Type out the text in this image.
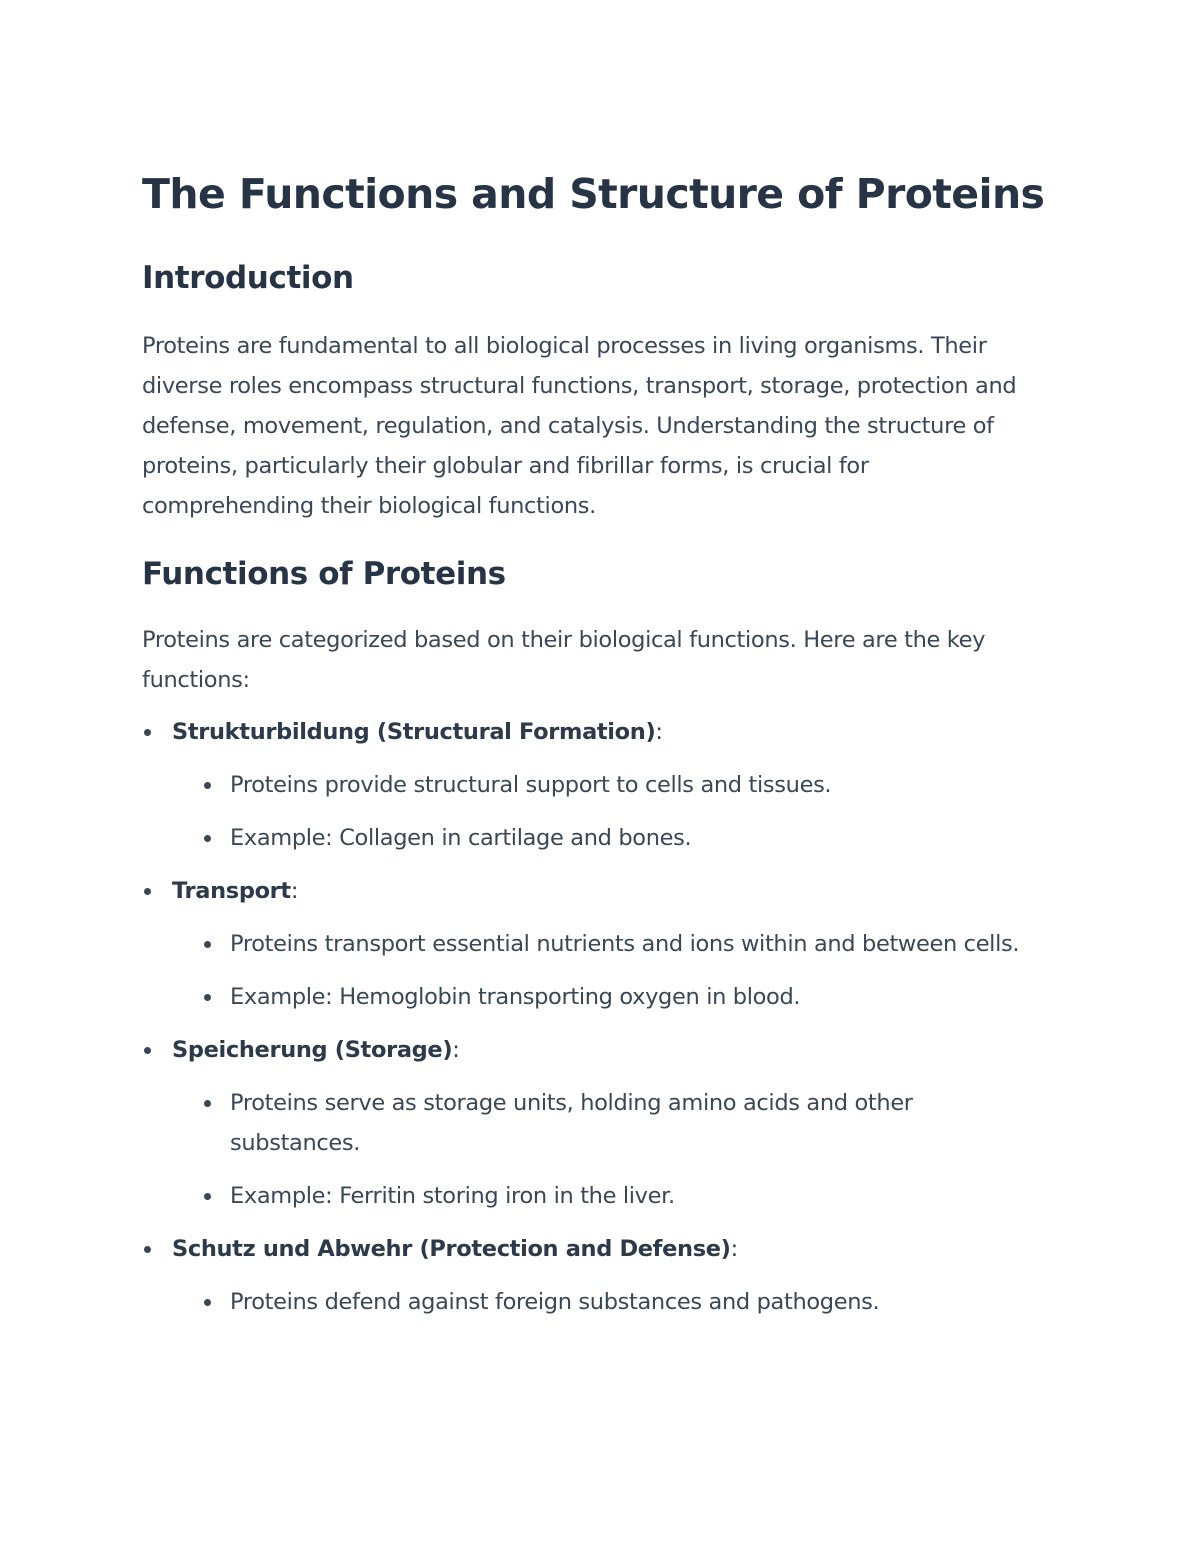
The Functions and Structure of Proteins
Introduction

Proteins are fundamental to all biological processes in living organisms. Their diverse roles encompass structural functions, transport, storage, protection and defense, movement, regulation, and catalysis. Understanding the structure of proteins, particularly their globular and fibrillar forms, is crucial for comprehending their biological functions.

Functions of Proteins

Proteins are categorized based on their biological functions. Here are the key functions:

Strukturbildung (Structural Formation):
Proteins provide structural support to cells and tissues.
Example: Collagen in cartilage and bones.
Transport:
Proteins transport essential nutrients and ions within and between cells.
Example: Hemoglobin transporting oxygen in blood.
Speicherung (Storage):
Proteins serve as storage units, holding amino acids and other substances.
Example: Ferritin storing iron in the liver.
Schutz und Abwehr (Protection and Defense):
Proteins defend against foreign substances and pathogens.
